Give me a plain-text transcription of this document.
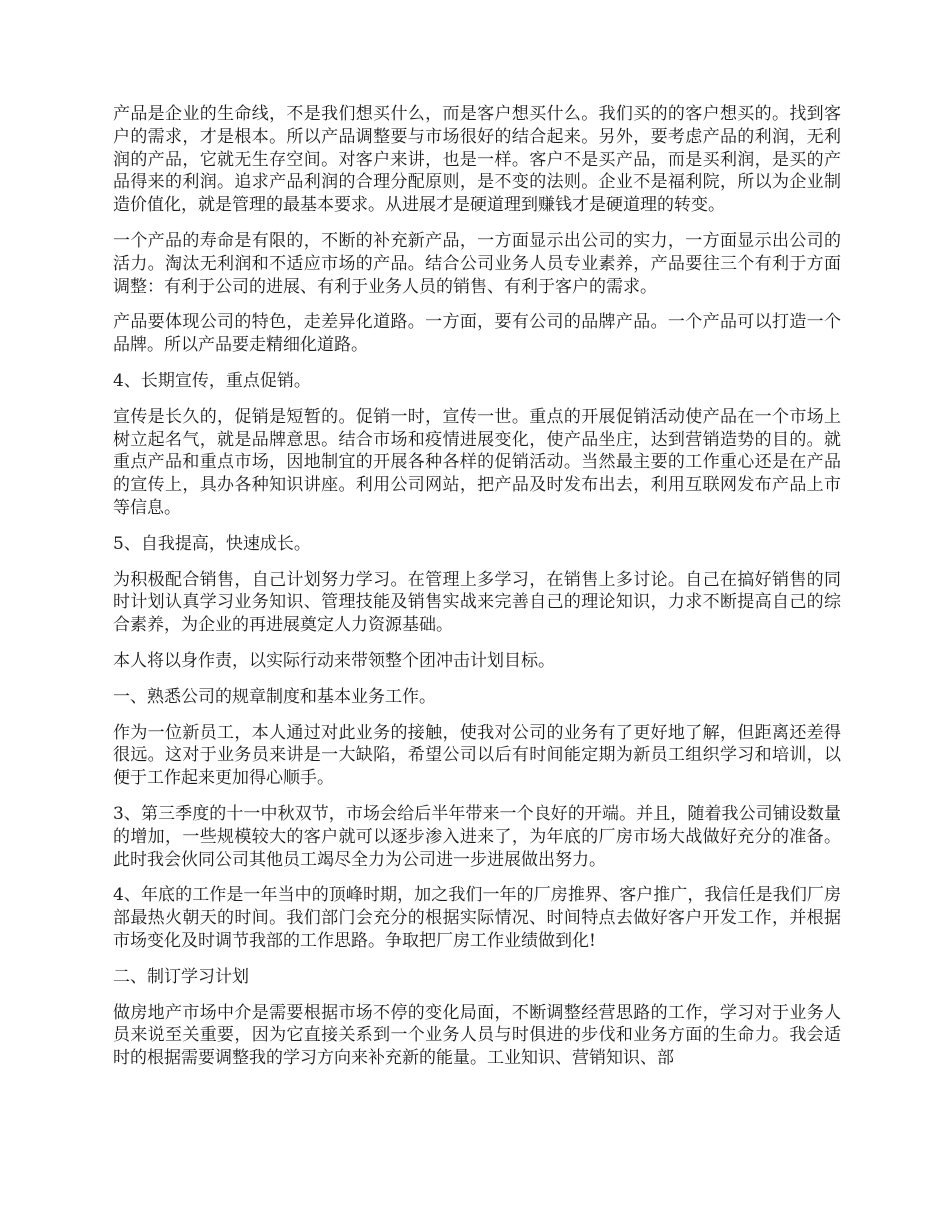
产品是企业的生命线，不是我们想买什么，而是客户想买什么。我们买的的客户想买的。找到客户的需求，才是根本。所以产品调整要与市场很好的结合起来。另外，要考虑产品的利润，无利润的产品，它就无生存空间。对客户来讲，也是一样。客户不是买产品，而是买利润，是买的产品得来的利润。追求产品利润的合理分配原则，是不变的法则。企业不是福利院，所以为企业制造价值化，就是管理的最基本要求。从进展才是硬道理到赚钱才是硬道理的转变。

一个产品的寿命是有限的，不断的补充新产品，一方面显示出公司的实力，一方面显示出公司的活力。淘汰无利润和不适应市场的产品。结合公司业务人员专业素养，产品要往三个有利于方面调整：有利于公司的进展、有利于业务人员的销售、有利于客户的需求。

产品要体现公司的特色，走差异化道路。一方面，要有公司的品牌产品。一个产品可以打造一个品牌。所以产品要走精细化道路。

4、长期宣传，重点促销。

宣传是长久的，促销是短暂的。促销一时，宣传一世。重点的开展促销活动使产品在一个市场上树立起名气，就是品牌意思。结合市场和疫情进展变化，使产品坐庄，达到营销造势的目的。就重点产品和重点市场，因地制宜的开展各种各样的促销活动。当然最主要的工作重心还是在产品的宣传上，具办各种知识讲座。利用公司网站，把产品及时发布出去，利用互联网发布产品上市等信息。

5、自我提高，快速成长。

为积极配合销售，自己计划努力学习。在管理上多学习，在销售上多讨论。自己在搞好销售的同时计划认真学习业务知识、管理技能及销售实战来完善自己的理论知识，力求不断提高自己的综合素养，为企业的再进展奠定人力资源基础。

本人将以身作责，以实际行动来带领整个团冲击计划目标。

一、熟悉公司的规章制度和基本业务工作。

作为一位新员工，本人通过对此业务的接触，使我对公司的业务有了更好地了解，但距离还差得很远。这对于业务员来讲是一大缺陷，希望公司以后有时间能定期为新员工组织学习和培训，以便于工作起来更加得心顺手。

3、第三季度的十一中秋双节，市场会给后半年带来一个良好的开端。并且，随着我公司铺设数量的增加，一些规模较大的客户就可以逐步渗入进来了，为年底的厂房市场大战做好充分的准备。此时我会伙同公司其他员工竭尽全力为公司进一步进展做出努力。

4、年底的工作是一年当中的顶峰时期，加之我们一年的厂房推界、客户推广，我信任是我们厂房部最热火朝天的时间。我们部门会充分的根据实际情况、时间特点去做好客户开发工作，并根据市场变化及时调节我部的工作思路。争取把厂房工作业绩做到化!

二、制订学习计划

做房地产市场中介是需要根据市场不停的变化局面，不断调整经营思路的工作，学习对于业务人员来说至关重要，因为它直接关系到一个业务人员与时俱进的步伐和业务方面的生命力。我会适时的根据需要调整我的学习方向来补充新的能量。工业知识、营销知识、部
